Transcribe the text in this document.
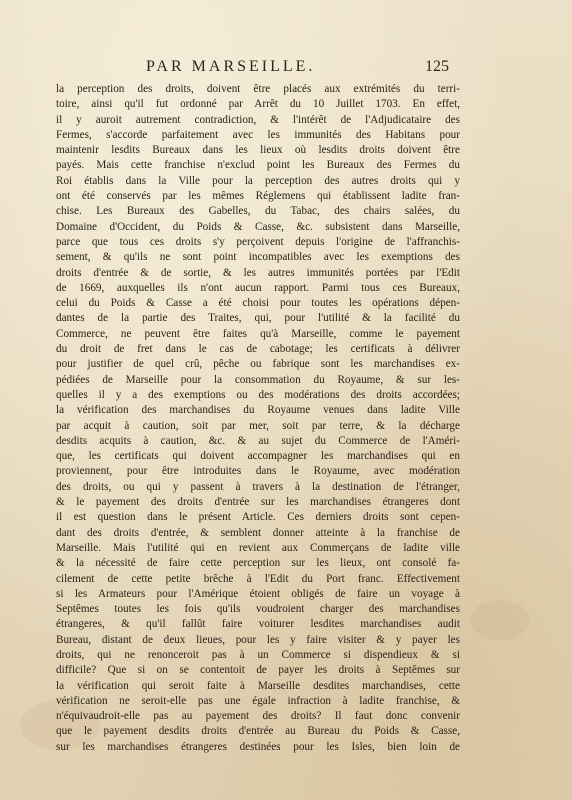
PAR MARSEILLE.	125
la perception des droits, doivent être placés aux extrémités du terri-
toire, ainsi qu'il fut ordonné par Arrêt du 10 Juillet 1703. En effet,
il y auroit autrement contradiction, & l'intérêt de l'Adjudicataire des
Fermes, s'accorde parfaitement avec les immunités des Habitans pour
maintenir lesdits Bureaux dans les lieux où lesdits droits doivent être
payés. Mais cette franchise n'exclud point les Bureaux des Fermes du
Roi établis dans la Ville pour la perception des autres droits qui y
ont été conservés par les mêmes Réglemens qui établissent ladite fran-
chise. Les Bureaux des Gabelles, du Tabac, des chairs salées, du
Domaine d'Occident, du Poids & Casse, &c. subsistent dans Marseille,
parce que tous ces droits s'y perçoivent depuis l'origine de l'affranchis-
sement, & qu'ils ne sont point incompatibles avec les exemptions des
droits d'entrée & de sortie, & les autres immunités portées par l'Edit
de 1669, auxquelles ils n'ont aucun rapport. Parmi tous ces Bureaux,
celui du Poids & Casse a été choisi pour toutes les opérations dépen-
dantes de la partie des Traites, qui, pour l'utilité & la facilité du
Commerce, ne peuvent être faites qu'à Marseille, comme le payement
du droit de fret dans le cas de cabotage; les certificats à délivrer
pour justifier de quel crû, pêche ou fabrique sont les marchandises ex-
pédiées de Marseille pour la consommation du Royaume, & sur les-
quelles il y a des exemptions ou des modérations des droits accordées;
la vérification des marchandises du Royaume venues dans ladite Ville
par acquit à caution, soit par mer, soit par terre, & la décharge
desdits acquits à caution, &c. & au sujet du Commerce de l'Améri-
que, les certificats qui doivent accompagner les marchandises qui en
proviennent, pour être introduites dans le Royaume, avec modération
des droits, ou qui y passent à travers à la destination de l'étranger,
& le payement des droits d'entrée sur les marchandises étrangeres dont
il est question dans le présent Article. Ces derniers droits sont cepen-
dant des droits d'entrée, & semblent donner atteinte à la franchise de
Marseille. Mais l'utilité qui en revient aux Commerçans de ladite ville
& la nécessité de faire cette perception sur les lieux, ont consolé fa-
cilement de cette petite brêche à l'Edit du Port franc. Effectivement
si les Armateurs pour l'Amérique étoient obligés de faire un voyage à
Septêmes toutes les fois qu'ils voudroient charger des marchandises
étrangeres, & qu'il fallût faire voiturer lesdites marchandises audit
Bureau, distant de deux lieues, pour les y faire visiter & y payer les
droits, qui ne renonceroit pas à un Commerce si dispendieux & si
difficile? Que si on se contentoit de payer les droits à Septêmes sur
la vérification qui seroit faite à Marseille desdites marchandises, cette
vérification ne seroit-elle pas une égale infraction à ladite franchise, &
n'équivaudroit-elle pas au payement des droits? Il faut donc convenir
que le payement desdits droits d'entrée au Bureau du Poids & Casse,
sur les marchandises étrangeres destinées pour les Isles, bien loin de
